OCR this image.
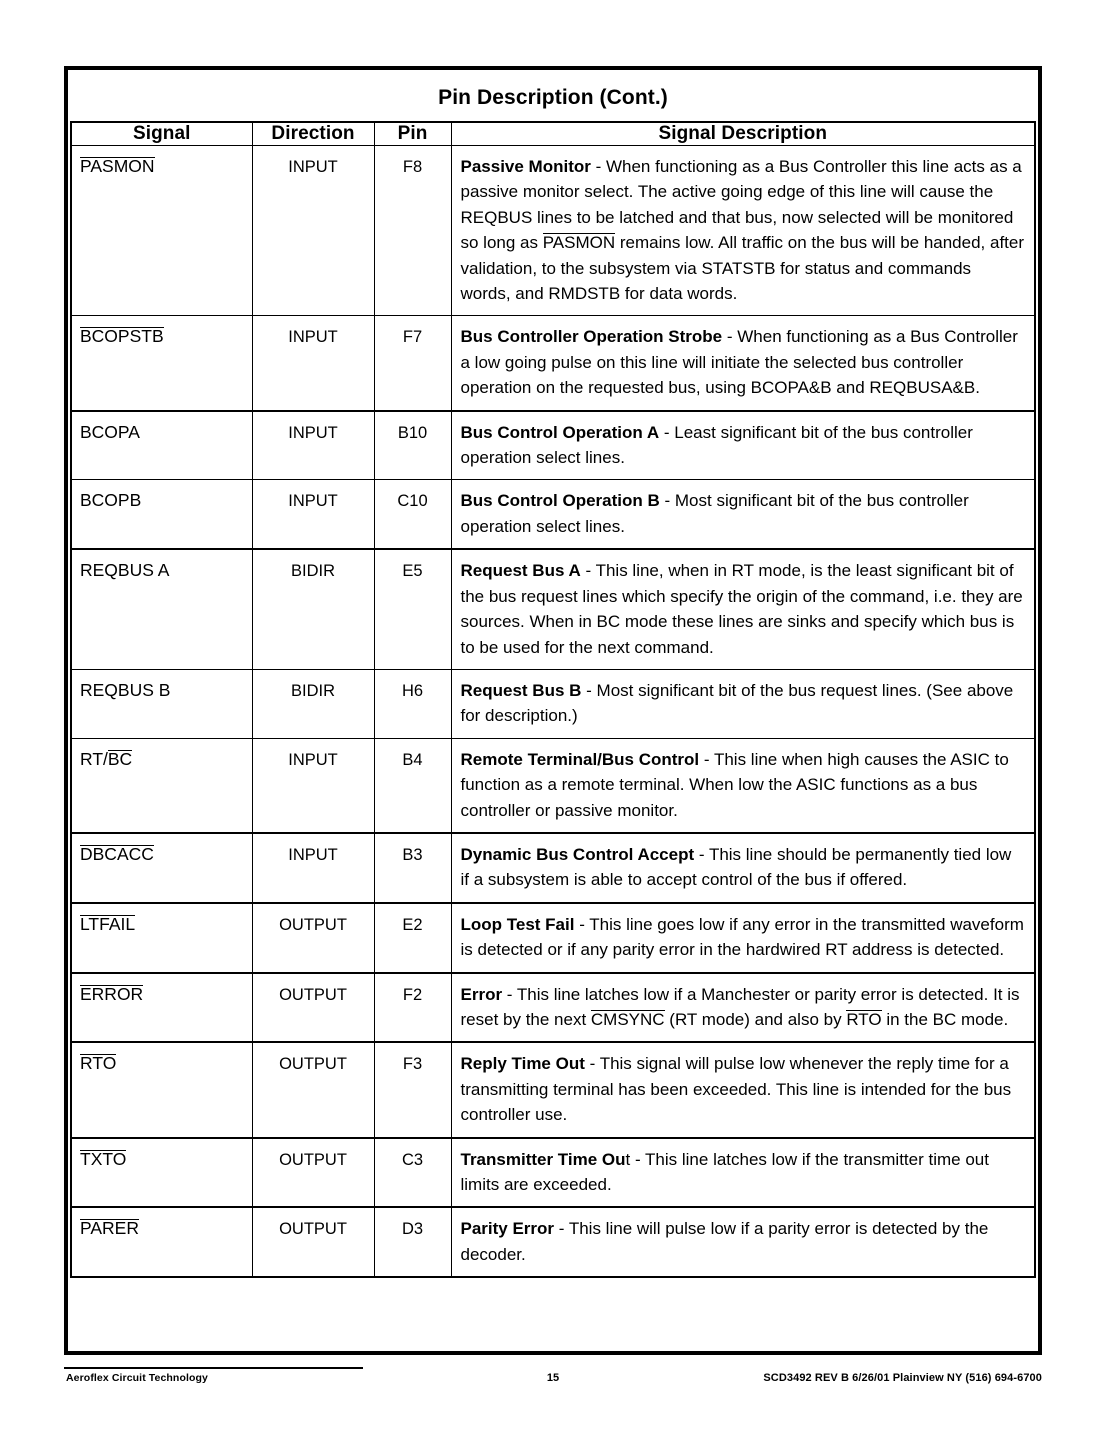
Pin Description (Cont.)
Signal	Direction	Pin	Signal Description
PASMON	INPUT	F8	Passive Monitor - When functioning as a Bus Controller this line acts as a passive monitor select. The active going edge of this line will cause the REQBUS lines to be latched and that bus, now selected will be monitored so long as PASMON remains low. All traffic on the bus will be handed, after validation, to the subsystem via STATSTB for status and commands words, and RMDSTB for data words.
BCOPSTB	INPUT	F7	Bus Controller Operation Strobe - When functioning as a Bus Controller a low going pulse on this line will initiate the selected bus controller operation on the requested bus, using BCOPA&B and REQBUSA&B.
BCOPA	INPUT	B10	Bus Control Operation A - Least significant bit of the bus controller operation select lines.
BCOPB	INPUT	C10	Bus Control Operation B - Most significant bit of the bus controller operation select lines.
REQBUS A	BIDIR	E5	Request Bus A - This line, when in RT mode, is the least significant bit of the bus request lines which specify the origin of the command, i.e. they are sources. When in BC mode these lines are sinks and specify which bus is to be used for the next command.
REQBUS B	BIDIR	H6	Request Bus B - Most significant bit of the bus request lines. (See above for description.)
RT/BC	INPUT	B4	Remote Terminal/Bus Control - This line when high causes the ASIC to function as a remote terminal. When low the ASIC functions as a bus controller or passive monitor.
DBCACC	INPUT	B3	Dynamic Bus Control Accept - This line should be permanently tied low if a subsystem is able to accept control of the bus if offered.
LTFAIL	OUTPUT	E2	Loop Test Fail - This line goes low if any error in the transmitted waveform is detected or if any parity error in the hardwired RT address is detected.
ERROR	OUTPUT	F2	Error - This line latches low if a Manchester or parity error is detected. It is reset by the next CMSYNC (RT mode) and also by RTO in the BC mode.
RTO	OUTPUT	F3	Reply Time Out - This signal will pulse low whenever the reply time for a transmitting terminal has been exceeded. This line is intended for the bus controller use.
TXTO	OUTPUT	C3	Transmitter Time Out - This line latches low if the transmitter time out limits are exceeded.
PARER	OUTPUT	D3	Parity Error - This line will pulse low if a parity error is detected by the decoder.
Aeroflex Circuit Technology	15	SCD3492 REV B 6/26/01 Plainview NY (516) 694-6700
